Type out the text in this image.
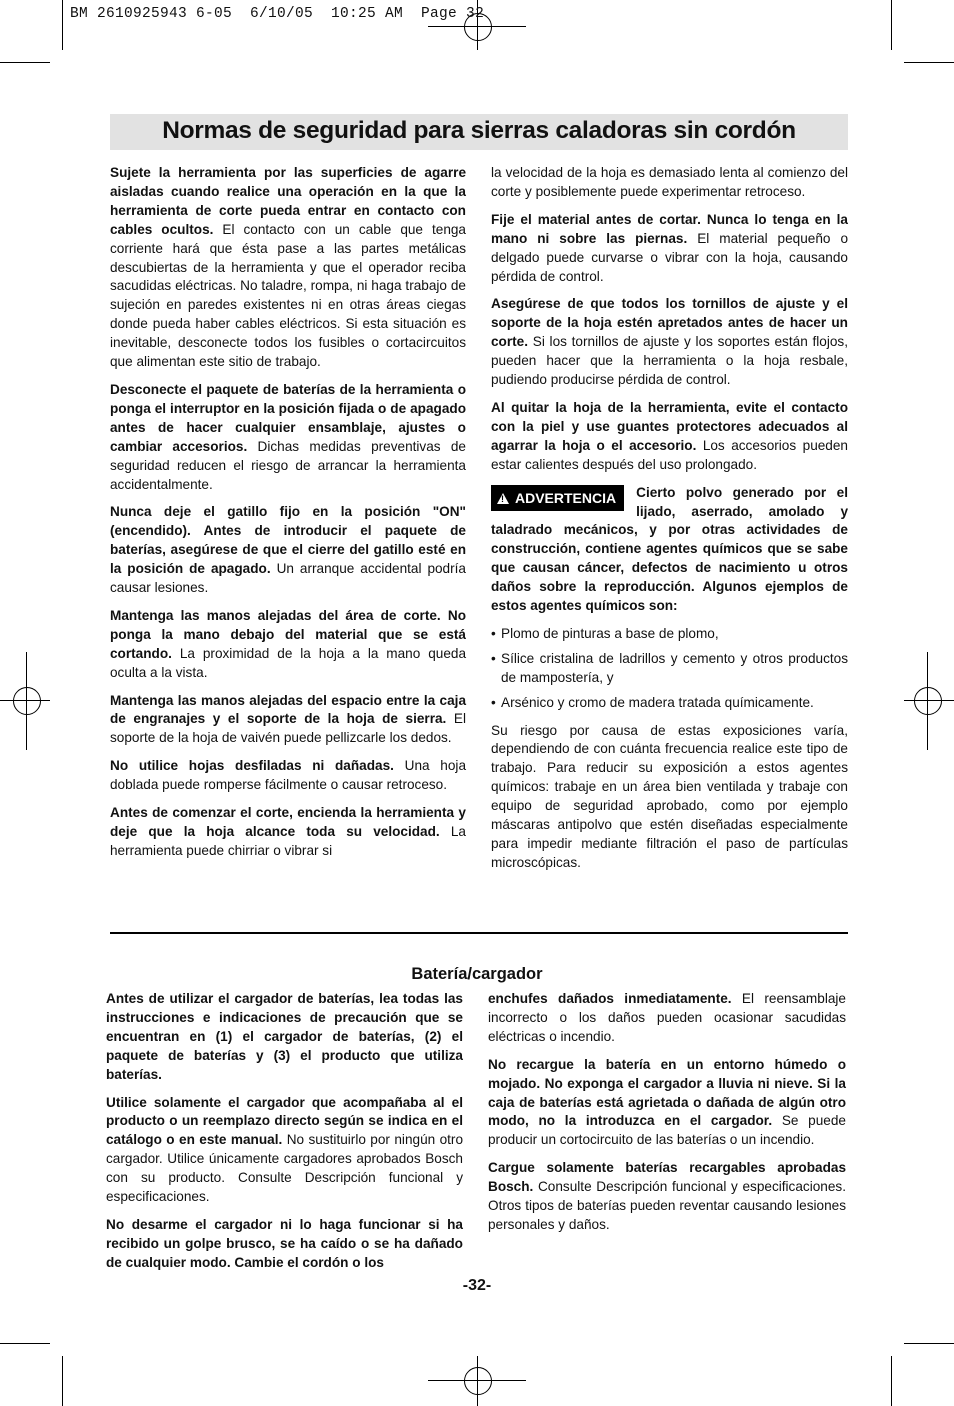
BM 2610925943 6-05  6/10/05  10:25 AM  Page 32
Normas de seguridad para sierras caladoras sin cordón

Sujete la herramienta por las superficies de agarre aisladas cuando realice una operación en la que la herramienta de corte pueda entrar en contacto con cables ocultos. El contacto con un cable que tenga corriente hará que ésta pase a las partes metálicas descubiertas de la herramienta y que el operador reciba sacudidas eléctricas. No taladre, rompa, ni haga trabajo de sujeción en paredes existentes ni en otras áreas ciegas donde pueda haber cables eléctricos. Si esta situación es inevitable, desconecte todos los fusibles o cortacircuitos que alimentan este sitio de trabajo.

Desconecte el paquete de baterías de la herramienta o ponga el interruptor en la posición fijada o de apagado antes de hacer cualquier ensamblaje, ajustes o cambiar accesorios. Dichas medidas preventivas de seguridad reducen el riesgo de arrancar la herramienta accidentalmente.

Nunca deje el gatillo fijo en la posición "ON" (encendido). Antes de introducir el paquete de baterías, asegúrese de que el cierre del gatillo esté en la posición de apagado. Un arranque accidental podría causar lesiones.

Mantenga las manos alejadas del área de corte. No ponga la mano debajo del material que se está cortando. La proximidad de la hoja a la mano queda oculta a la vista.

Mantenga las manos alejadas del espacio entre la caja de engranajes y el soporte de la hoja de sierra. El soporte de la hoja de vaivén puede pellizcarle los dedos.

No utilice hojas desfiladas ni dañadas. Una hoja doblada puede romperse fácilmente o causar retroceso.

Antes de comenzar el corte, encienda la herramienta y deje que la hoja alcance toda su velocidad. La herramienta puede chirriar o vibrar si

la velocidad de la hoja es demasiado lenta al comienzo del corte y posiblemente puede experimentar retroceso.

Fije el material antes de cortar. Nunca lo tenga en la mano ni sobre las piernas. El material pequeño o delgado puede curvarse o vibrar con la hoja, causando pérdida de control.

Asegúrese de que todos los tornillos de ajuste y el soporte de la hoja estén apretados antes de hacer un corte. Si los tornillos de ajuste y los soportes están flojos, pueden hacer que la herramienta o la hoja resbale, pudiendo producirse pérdida de control.

Al quitar la hoja de la herramienta, evite el contacto con la piel y use guantes protectores adecuados al agarrar la hoja o el accesorio. Los accesorios pueden estar calientes después del uso prolongado.

! ADVERTENCIA	Cierto polvo generado por el lijado, aserrado, amolado y taladrado mecánicos, y por otras actividades de construcción, contiene agentes químicos que se sabe que causan cáncer, defectos de nacimiento u otros daños sobre la reproducción. Algunos ejemplos de estos agentes químicos son:

• Plomo de pinturas a base de plomo,
• Sílice cristalina de ladrillos y cemento y otros productos de mampostería, y
• Arsénico y cromo de madera tratada químicamente.

Su riesgo por causa de estas exposiciones varía, dependiendo de con cuánta frecuencia realice este tipo de trabajo. Para reducir su exposición a estos agentes químicos: trabaje en un área bien ventilada y trabaje con equipo de seguridad aprobado, como por ejemplo máscaras antipolvo que estén diseñadas especialmente para impedir mediante filtración el paso de partículas microscópicas.

Batería/cargador

Antes de utilizar el cargador de baterías, lea todas las instrucciones e indicaciones de precaución que se encuentran en (1) el cargador de baterías, (2) el paquete de baterías y (3) el producto que utiliza baterías.

Utilice solamente el cargador que acompañaba al el producto o un reemplazo directo según se indica en el catálogo o en este manual. No sustituirlo por ningún otro cargador. Utilice únicamente cargadores aprobados Bosch con su producto. Consulte Descripción funcional y especificaciones.

No desarme el cargador ni lo haga funcionar si ha recibido un golpe brusco, se ha caído o se ha dañado de cualquier modo. Cambie el cordón o los

enchufes dañados inmediatamente. El reensamblaje incorrecto o los daños pueden ocasionar sacudidas eléctricas o incendio.

No recargue la batería en un entorno húmedo o mojado. No exponga el cargador a lluvia ni nieve. Si la caja de baterías está agrietada o dañada de algún otro modo, no la introduzca en el cargador. Se puede producir un cortocircuito de las baterías o un incendio.

Cargue solamente baterías recargables aprobadas Bosch. Consulte Descripción funcional y especificaciones. Otros tipos de baterías pueden reventar causando lesiones personales y daños.

-32-
